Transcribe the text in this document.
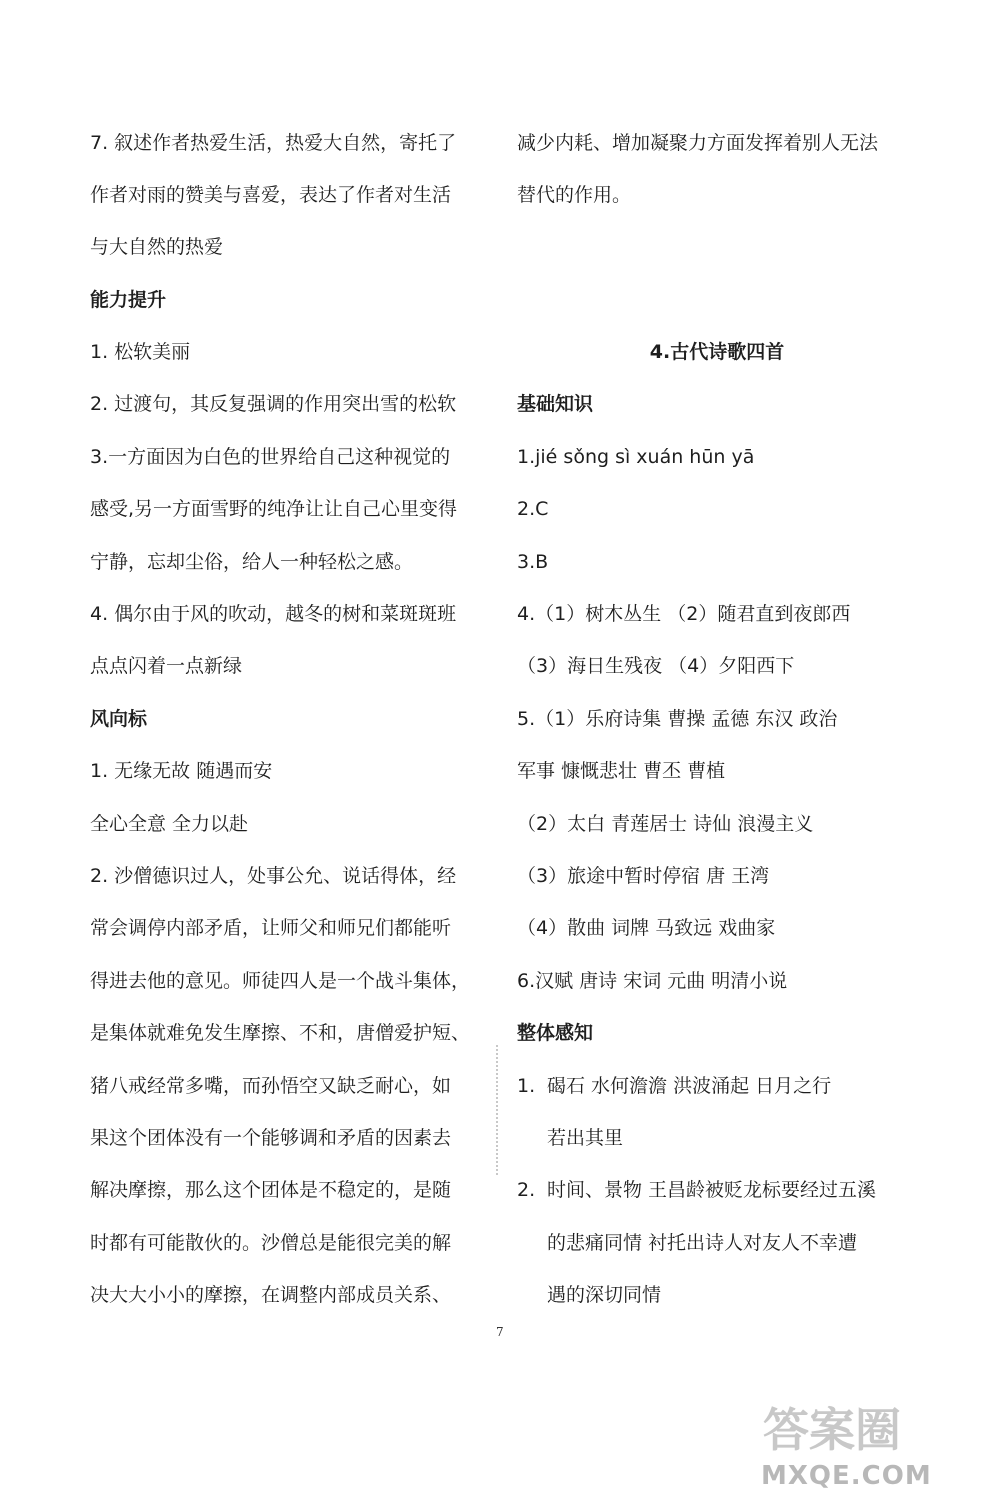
7. 叙述作者热爱生活，热爱大自然，寄托了
作者对雨的赞美与喜爱，表达了作者对生活
与大自然的热爱
能力提升
1. 松软美丽
2. 过渡句，其反复强调的作用突出雪的松软
3.一方面因为白色的世界给自己这种视觉的
感受,另一方面雪野的纯净让让自己心里变得
宁静，忘却尘俗，给人一种轻松之感。
4. 偶尔由于风的吹动，越冬的树和菜斑斑班
点点闪着一点新绿
风向标
1. 无缘无故 随遇而安
全心全意 全力以赴
2. 沙僧德识过人，处事公允、说话得体，经
常会调停内部矛盾，让师父和师兄们都能听
得进去他的意见。师徒四人是一个战斗集体，
是集体就难免发生摩擦、不和，唐僧爱护短、
猪八戒经常多嘴，而孙悟空又缺乏耐心，如
果这个团体没有一个能够调和矛盾的因素去
解决摩擦，那么这个团体是不稳定的，是随
时都有可能散伙的。沙僧总是能很完美的解
决大大小小的摩擦，在调整内部成员关系、
减少内耗、增加凝聚力方面发挥着别人无法
替代的作用。
4.古代诗歌四首
基础知识
1.jié sǒng sì xuán hūn yā
2.C
3.B
4.（1）树木丛生 （2）随君直到夜郎西
（3）海日生残夜 （4）夕阳西下
5.（1）乐府诗集 曹操 孟德 东汉 政治
军事 慷慨悲壮 曹丕 曹植
（2）太白 青莲居士 诗仙 浪漫主义
（3）旅途中暂时停宿 唐 王湾
（4）散曲 词牌 马致远 戏曲家
6.汉赋 唐诗 宋词 元曲 明清小说
整体感知
1. 碣石 水何澹澹 洪波涌起 日月之行
若出其里
2. 时间、景物 王昌龄被贬龙标要经过五溪
的悲痛同情 衬托出诗人对友人不幸遭
遇的深切同情
7
答案圈
MXQE.COM
